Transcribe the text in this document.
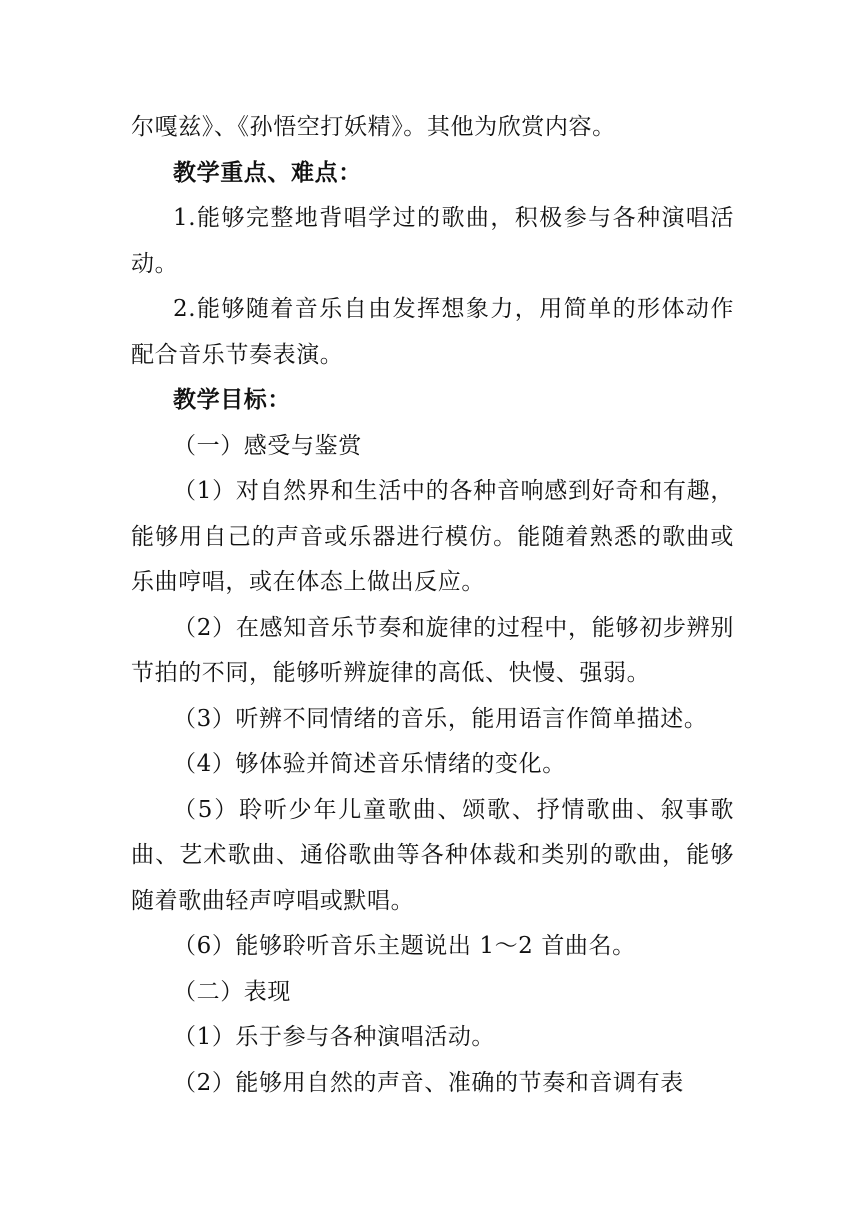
尔嘎兹》、《孙悟空打妖精》。其他为欣赏内容。

教学重点、难点：

1.能够完整地背唱学过的歌曲，积极参与各种演唱活动。

2.能够随着音乐自由发挥想象力，用简单的形体动作配合音乐节奏表演。

教学目标：

（一）感受与鉴赏

（1）对自然界和生活中的各种音响感到好奇和有趣，能够用自己的声音或乐器进行模仿。能随着熟悉的歌曲或乐曲哼唱，或在体态上做出反应。

（2）在感知音乐节奏和旋律的过程中，能够初步辨别节拍的不同，能够听辨旋律的高低、快慢、强弱。

（3）听辨不同情绪的音乐，能用语言作简单描述。

（4）够体验并简述音乐情绪的变化。

（5）聆听少年儿童歌曲、颂歌、抒情歌曲、叙事歌曲、艺术歌曲、通俗歌曲等各种体裁和类别的歌曲，能够随着歌曲轻声哼唱或默唱。

（6）能够聆听音乐主题说出 1～2 首曲名。

（二）表现

（1）乐于参与各种演唱活动。

（2）能够用自然的声音、准确的节奏和音调有表
